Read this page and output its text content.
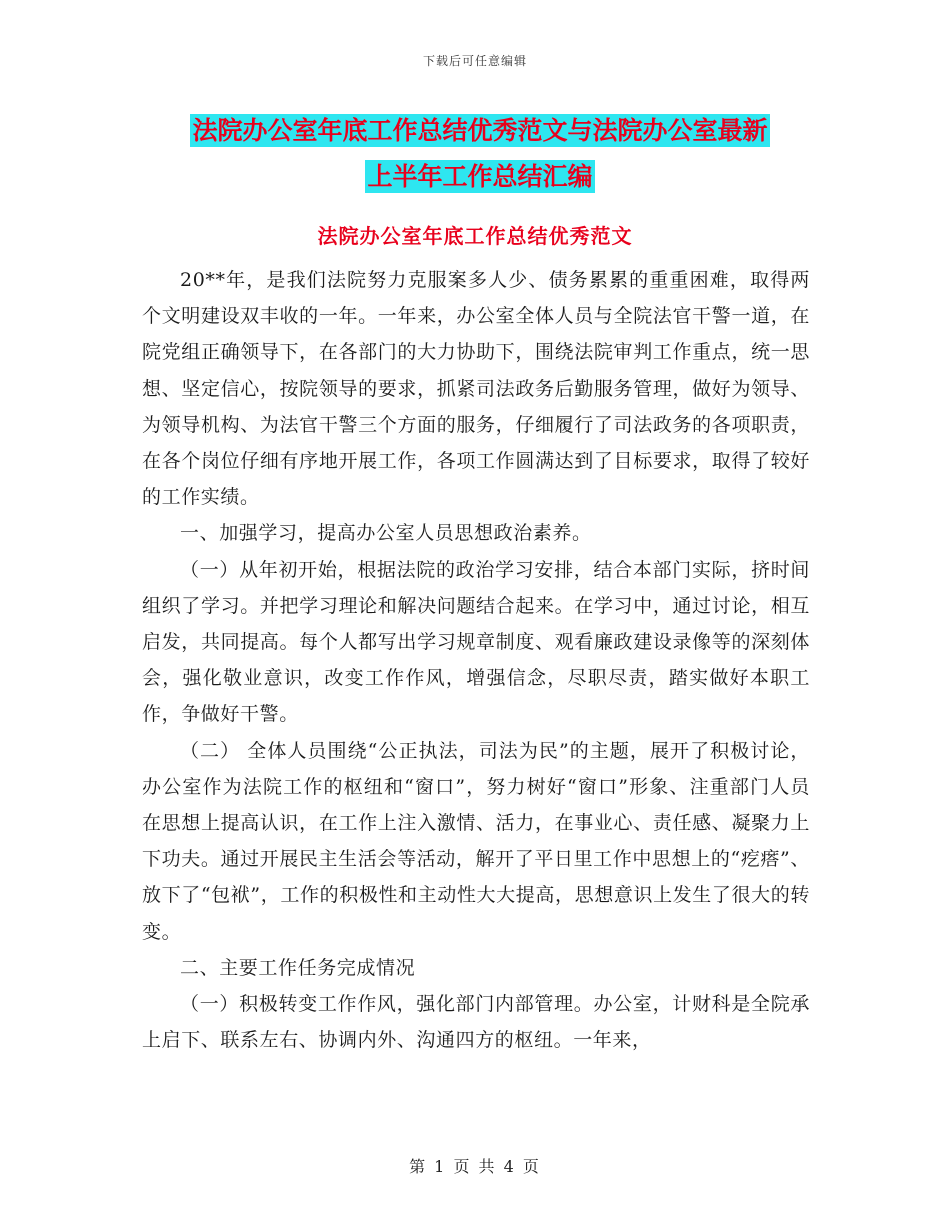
下载后可任意编辑
法院办公室年底工作总结优秀范文与法院办公室最新
上半年工作总结汇编
法院办公室年底工作总结优秀范文

20**年，是我们法院努力克服案多人少、债务累累的重重困难，取得两个文明建设双丰收的一年。一年来，办公室全体人员与全院法官干警一道，在院党组正确领导下，在各部门的大力协助下，围绕法院审判工作重点，统一思想、坚定信心，按院领导的要求，抓紧司法政务后勤服务管理，做好为领导、为领导机构、为法官干警三个方面的服务，仔细履行了司法政务的各项职责，在各个岗位仔细有序地开展工作，各项工作圆满达到了目标要求，取得了较好的工作实绩。

一、加强学习，提高办公室人员思想政治素养。

（一）从年初开始，根据法院的政治学习安排，结合本部门实际，挤时间组织了学习。并把学习理论和解决问题结合起来。在学习中，通过讨论，相互启发，共同提高。每个人都写出学习规章制度、观看廉政建设录像等的深刻体会，强化敬业意识，改变工作作风，增强信念，尽职尽责，踏实做好本职工作，争做好干警。

（二） 全体人员围绕“公正执法，司法为民”的主题，展开了积极讨论，办公室作为法院工作的枢纽和“窗口”，努力树好“窗口”形象、注重部门人员在思想上提高认识，在工作上注入激情、活力，在事业心、责任感、凝聚力上下功夫。通过开展民主生活会等活动，解开了平日里工作中思想上的“疙瘩”、放下了“包袱”，工作的积极性和主动性大大提高，思想意识上发生了很大的转变。

二、主要工作任务完成情况

（一）积极转变工作作风，强化部门内部管理。办公室，计财科是全院承上启下、联系左右、协调内外、沟通四方的枢纽。一年来，

第 1 页 共 4 页
